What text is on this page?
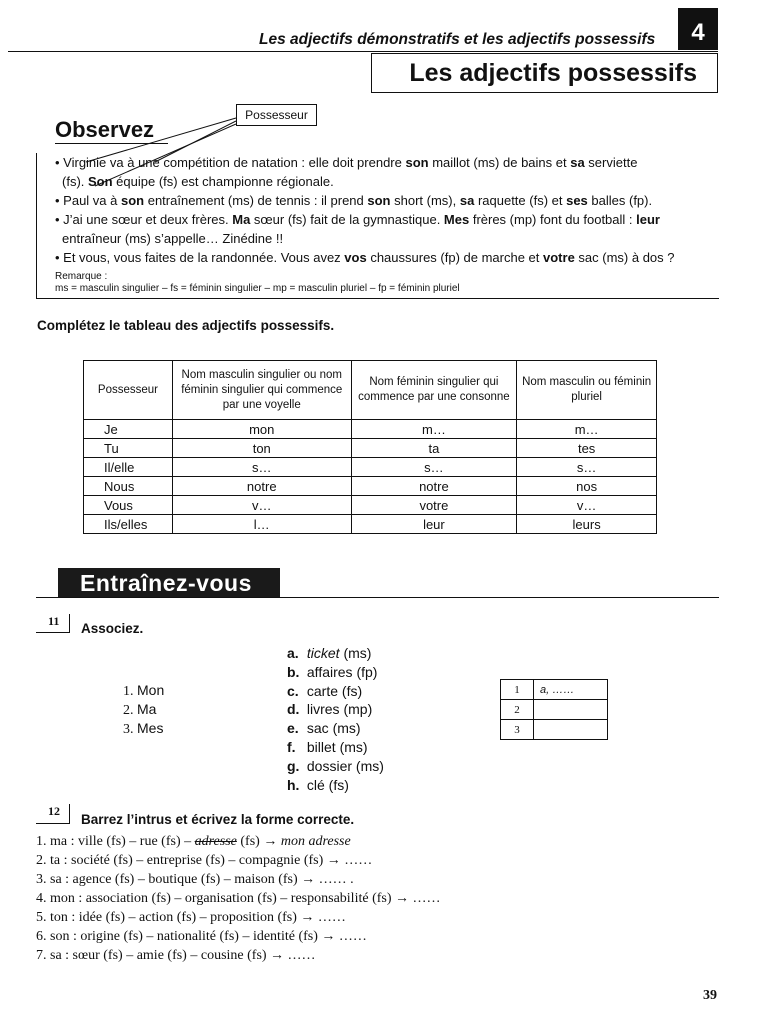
Les adjectifs démonstratifs et les adjectifs possessifs	4
Les adjectifs possessifs
Observez
Possesseur
• Virginie va à une compétition de natation : elle doit prendre son maillot (ms) de bains et sa serviette
(fs). Son équipe (fs) est championne régionale.
• Paul va à son entraînement (ms) de tennis : il prend son short (ms), sa raquette (fs) et ses balles (fp).
• J’ai une sœur et deux frères. Ma sœur (fs) fait de la gymnastique. Mes frères (mp) font du football : leur
entraîneur (ms) s’appelle… Zinédine !!
• Et vous, vous faites de la randonnée. Vous avez vos chaussures (fp) de marche et votre sac (ms) à dos ?
Remarque :
ms = masculin singulier – fs = féminin singulier – mp = masculin pluriel – fp = féminin pluriel
Complétez le tableau des adjectifs possessifs.
Possesseur	Nom masculin singulier ou nom féminin singulier qui commence par une voyelle	Nom féminin singulier qui commence par une consonne	Nom masculin ou féminin pluriel
Je	mon	m…	m…
Tu	ton	ta	tes
Il/elle	s…	s…	s…
Nous	notre	notre	nos
Vous	v…	votre	v…
Ils/elles	l…	leur	leurs
Entraînez-vous
11 Associez.
1. Mon
2. Ma
3. Mes
a. ticket (ms)
b. affaires (fp)
c. carte (fs)
d. livres (mp)
e. sac (ms)
f. billet (ms)
g. dossier (ms)
h. clé (fs)
1	a, ……
2	
3	
12
Barrez l’intrus et écrivez la forme correcte.
1. ma : ville (fs) – rue (fs) – adresse (fs) → mon adresse
2. ta : société (fs) – entreprise (fs) – compagnie (fs) → ……
3. sa : agence (fs) – boutique (fs) – maison (fs) → …… .
4. mon : association (fs) – organisation (fs) – responsabilité (fs) → ……
5. ton : idée (fs) – action (fs) – proposition (fs) → ……
6. son : origine (fs) – nationalité (fs) – identité (fs) → ……
7. sa : sœur (fs) – amie (fs) – cousine (fs) → ……
39
